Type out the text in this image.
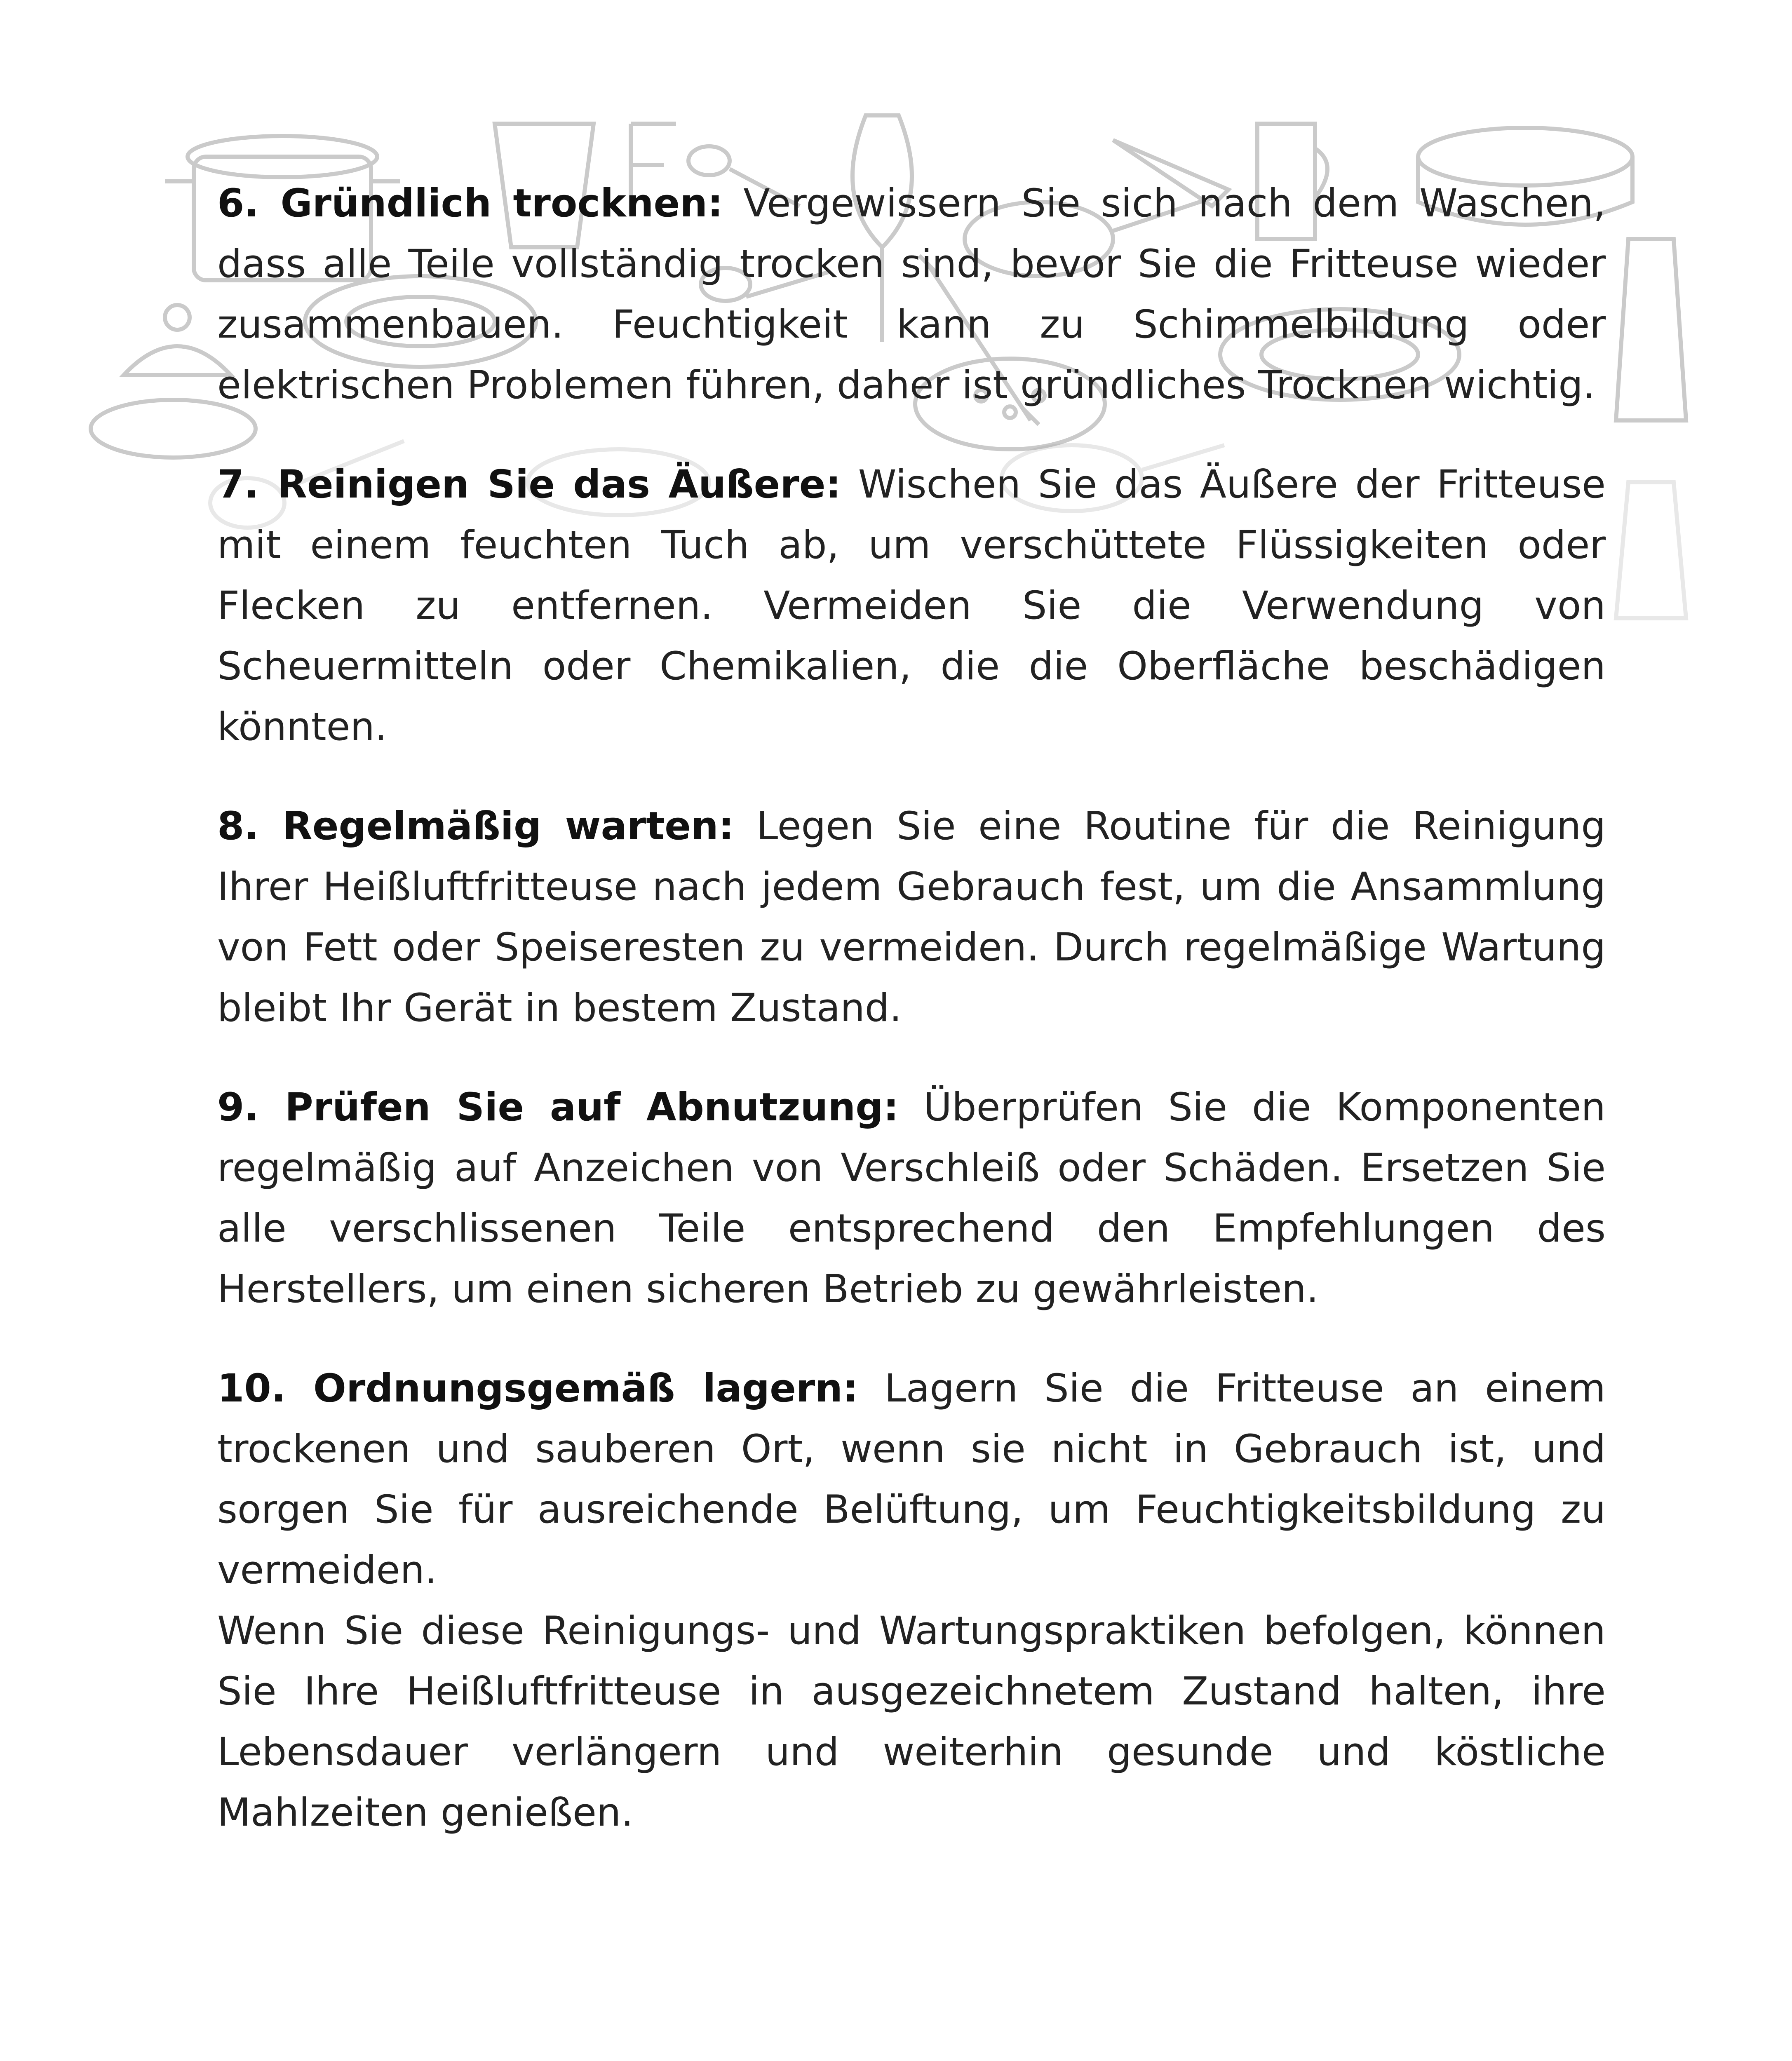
6. Gründlich trocknen: Vergewissern Sie sich nach dem Waschen, dass alle Teile vollständig trocken sind, bevor Sie die Fritteuse wieder zusammenbauen. Feuchtigkeit kann zu Schimmelbildung oder elektrischen Problemen führen, daher ist gründliches Trocknen wichtig.

7. Reinigen Sie das Äußere: Wischen Sie das Äußere der Fritteuse mit einem feuchten Tuch ab, um verschüttete Flüssigkeiten oder Flecken zu entfernen. Vermeiden Sie die Verwendung von Scheuermitteln oder Chemikalien, die die Oberfläche beschädigen könnten.

8. Regelmäßig warten: Legen Sie eine Routine für die Reinigung Ihrer Heißluftfritteuse nach jedem Gebrauch fest, um die Ansammlung von Fett oder Speiseresten zu vermeiden. Durch regelmäßige Wartung bleibt Ihr Gerät in bestem Zustand.

9. Prüfen Sie auf Abnutzung: Überprüfen Sie die Komponenten regelmäßig auf Anzeichen von Verschleiß oder Schäden. Ersetzen Sie alle verschlissenen Teile entsprechend den Empfehlungen des Herstellers, um einen sicheren Betrieb zu gewährleisten.

10. Ordnungsgemäß lagern: Lagern Sie die Fritteuse an einem trockenen und sauberen Ort, wenn sie nicht in Gebrauch ist, und sorgen Sie für ausreichende Belüftung, um Feuchtigkeitsbildung zu vermeiden.

Wenn Sie diese Reinigungs- und Wartungspraktiken befolgen, können Sie Ihre Heißluftfritteuse in ausgezeichnetem Zustand halten, ihre Lebensdauer verlängern und weiterhin gesunde und köstliche Mahlzeiten genießen.
